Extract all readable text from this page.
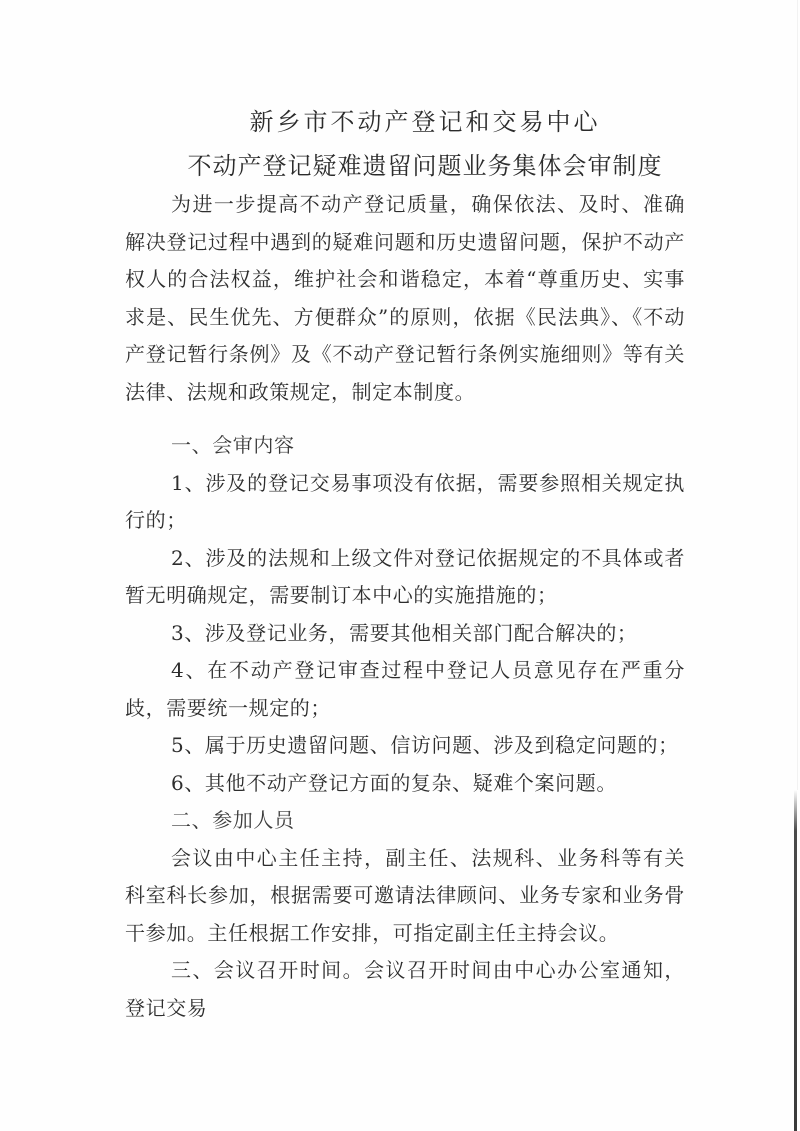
新乡市不动产登记和交易中心
不动产登记疑难遗留问题业务集体会审制度

为进一步提高不动产登记质量，确保依法、及时、准确解决登记过程中遇到的疑难问题和历史遗留问题，保护不动产权人的合法权益，维护社会和谐稳定，本着“尊重历史、实事求是、民生优先、方便群众”的原则，依据《民法典》、《不动产登记暂行条例》及《不动产登记暂行条例实施细则》等有关法律、法规和政策规定，制定本制度。

一、会审内容

1、涉及的登记交易事项没有依据，需要参照相关规定执行的；

2、涉及的法规和上级文件对登记依据规定的不具体或者暂无明确规定，需要制订本中心的实施措施的；

3、涉及登记业务，需要其他相关部门配合解决的；

4、在不动产登记审查过程中登记人员意见存在严重分歧，需要统一规定的；

5、属于历史遗留问题、信访问题、涉及到稳定问题的；

6、其他不动产登记方面的复杂、疑难个案问题。

二、参加人员

会议由中心主任主持，副主任、法规科、业务科等有关科室科长参加，根据需要可邀请法律顾问、业务专家和业务骨干参加。主任根据工作安排，可指定副主任主持会议。

三、会议召开时间。会议召开时间由中心办公室通知，登记交易
